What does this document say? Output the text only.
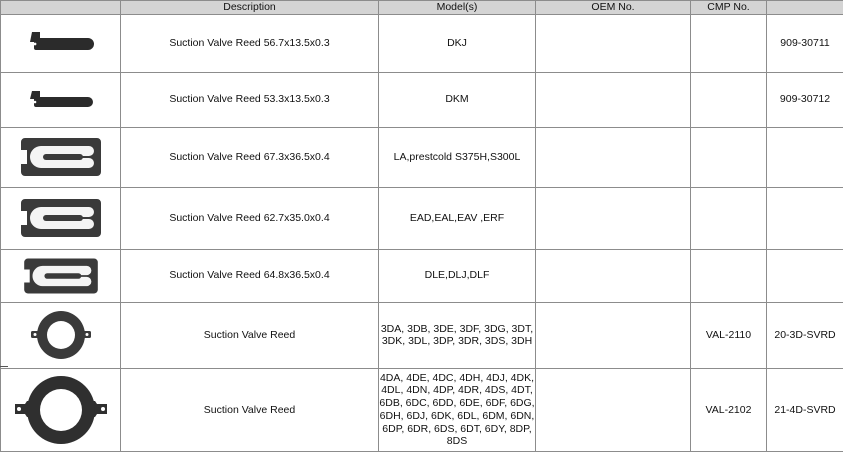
	Description	Model(s)	OEM No.	CMP No.	

	Suction Valve Reed 56.7x13.5x0.3	DKJ			909-30711

	Suction Valve Reed 53.3x13.5x0.3	DKM			909-30712

	Suction Valve Reed 67.3x36.5x0.4	LA,prestcold S375H,S300L			

	Suction Valve Reed 62.7x35.0x0.4	EAD,EAL,EAV ,ERF			

	Suction Valve Reed 64.8x36.5x0.4	DLE,DLJ,DLF			

	Suction Valve Reed	3DA, 3DB, 3DE, 3DF, 3DG, 3DT, 3DK, 3DL, 3DP, 3DR, 3DS, 3DH		VAL-2110	20-3D-SVRD

	Suction Valve Reed	4DA, 4DE, 4DC, 4DH, 4DJ, 4DK, 4DL, 4DN, 4DP, 4DR, 4DS, 4DT, 6DB, 6DC, 6DD, 6DE, 6DF, 6DG, 6DH, 6DJ, 6DK, 6DL, 6DM, 6DN, 6DP, 6DR, 6DS, 6DT, 6DY, 8DP, 8DS		VAL-2102	21-4D-SVRD
